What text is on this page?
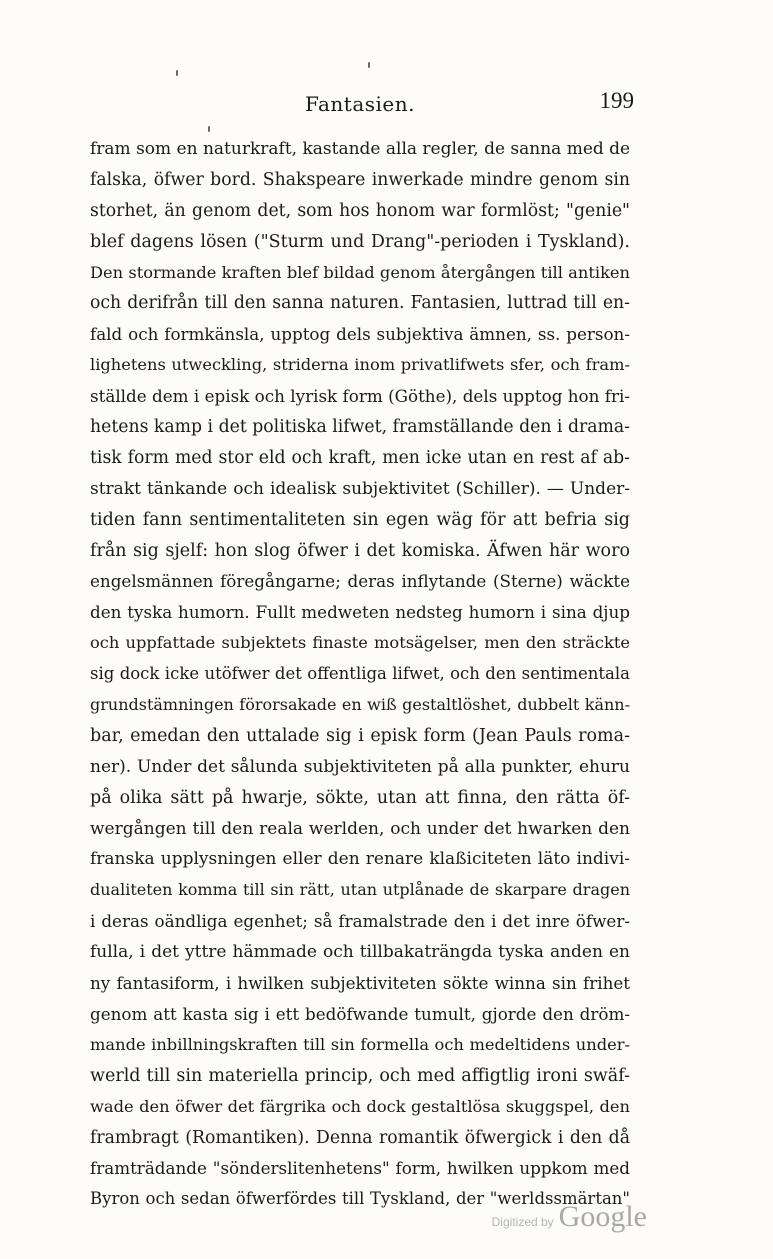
Fantasien.	199
fram som en naturkraft, kastande alla regler, de sanna med de
falska, öfwer bord. Shakspeare inwerkade mindre genom sin
storhet, än genom det, som hos honom war formlöst; "genie"
blef dagens lösen ("Sturm und Drang"-perioden i Tyskland).
Den stormande kraften blef bildad genom återgången till antiken
och derifrån till den sanna naturen. Fantasien, luttrad till en-
fald och formkänsla, upptog dels subjektiva ämnen, ss. person-
lighetens utweckling, striderna inom privatlifwets sfer, och fram-
ställde dem i episk och lyrisk form (Göthe), dels upptog hon fri-
hetens kamp i det politiska lifwet, framställande den i drama-
tisk form med stor eld och kraft, men icke utan en rest af ab-
strakt tänkande och idealisk subjektivitet (Schiller). — Under-
tiden fann sentimentaliteten sin egen wäg för att befria sig
från sig sjelf: hon slog öfwer i det komiska. Äfwen här woro
engelsmännen föregångarne; deras inflytande (Sterne) wäckte
den tyska humorn. Fullt medweten nedsteg humorn i sina djup
och uppfattade subjektets finaste motsägelser, men den sträckte
sig dock icke utöfwer det offentliga lifwet, och den sentimentala
grundstämningen förorsakade en wiß gestaltlöshet, dubbelt känn-
bar, emedan den uttalade sig i episk form (Jean Pauls roma-
ner). Under det sålunda subjektiviteten på alla punkter, ehuru
på olika sätt på hwarje, sökte, utan att finna, den rätta öf-
wergången till den reala werlden, och under det hwarken den
franska upplysningen eller den renare klaßiciteten läto indivi-
dualiteten komma till sin rätt, utan utplånade de skarpare dragen
i deras oändliga egenhet; så framalstrade den i det inre öfwer-
fulla, i det yttre hämmade och tillbakaträngda tyska anden en
ny fantasiform, i hwilken subjektiviteten sökte winna sin frihet
genom att kasta sig i ett bedöfwande tumult, gjorde den dröm-
mande inbillningskraften till sin formella och medeltidens under-
werld till sin materiella princip, och med affigtlig ironi swäf-
wade den öfwer det färgrika och dock gestaltlösa skuggspel, den
frambragt (Romantiken). Denna romantik öfwergick i den då
framträdande "sönderslitenhetens" form, hwilken uppkom med
Byron och sedan öfwerfördes till Tyskland, der "werldssmärtan"
Digitized by Google
